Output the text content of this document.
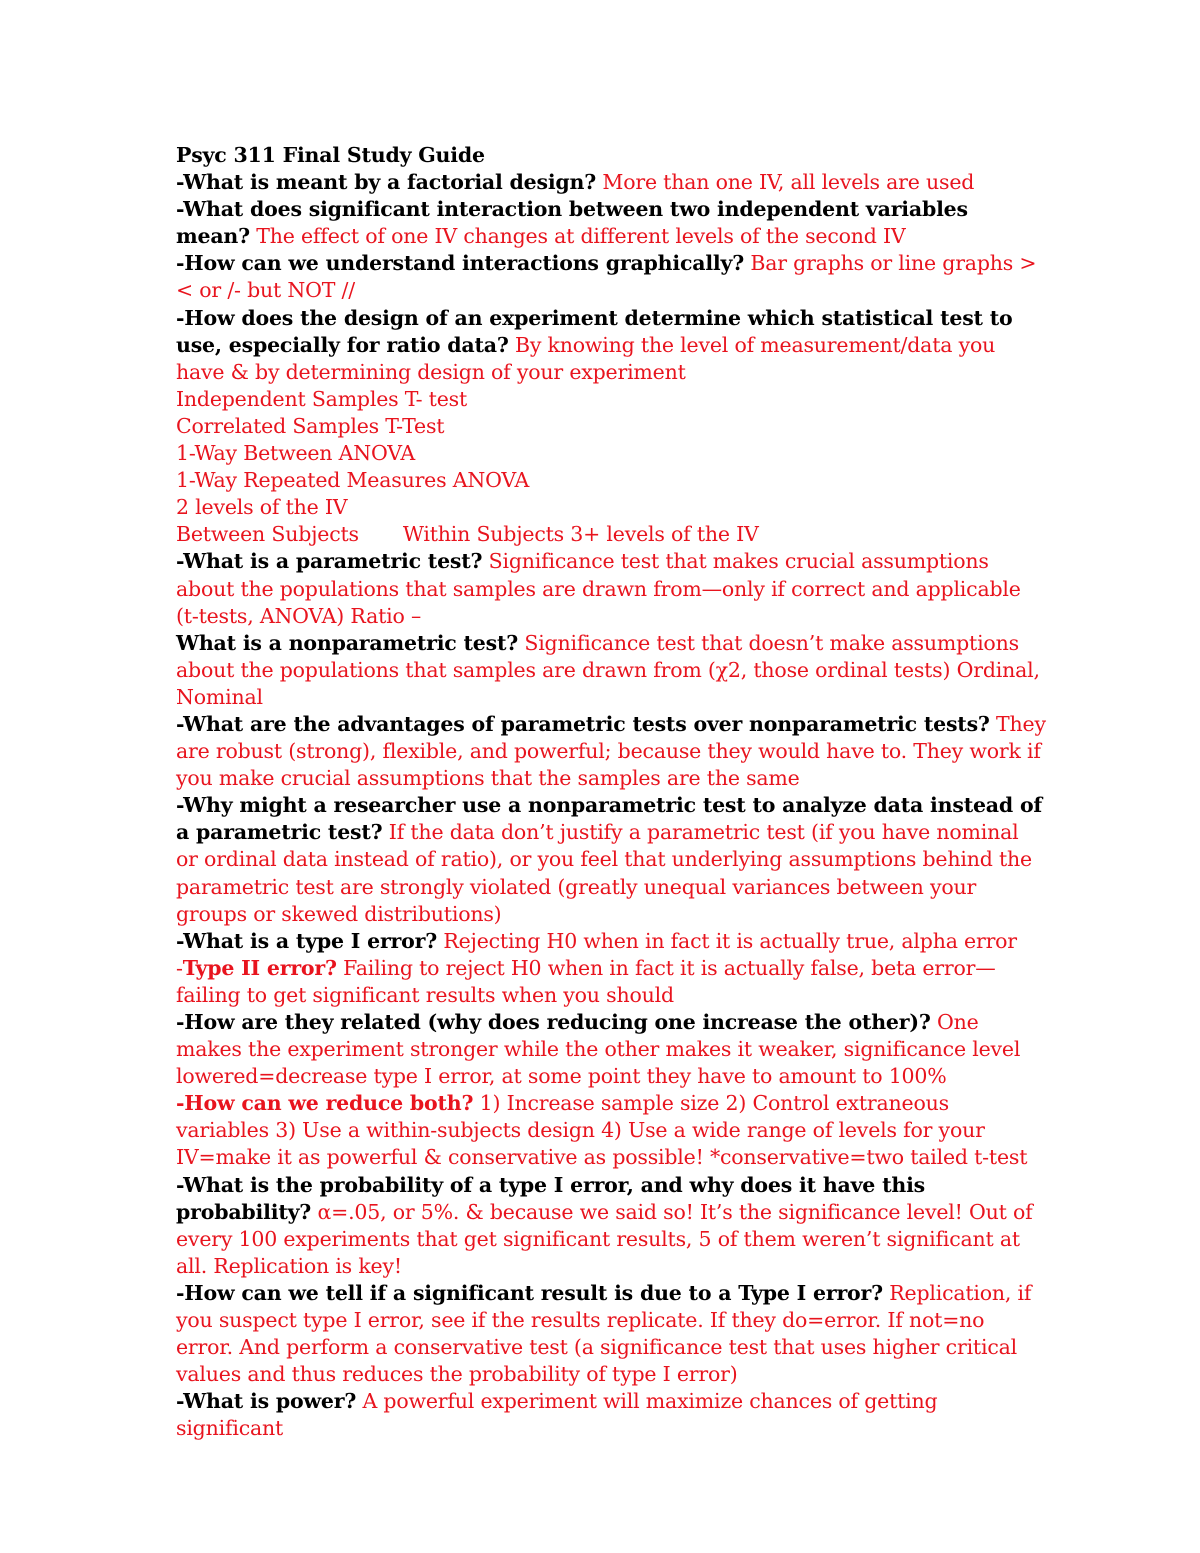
Psyc 311 Final Study Guide

-What is meant by a factorial design? More than one IV, all levels are used

-What does significant interaction between two independent variables mean? The effect of one IV changes at different levels of the second IV

-How can we understand interactions graphically? Bar graphs or line graphs >< or /- but NOT //

-How does the design of an experiment determine which statistical test to use, especially for ratio data? By knowing the level of measurement/data you have & by determining design of your experiment

Independent Samples T- test

Correlated Samples T-Test

1-Way Between ANOVA

1-Way Repeated Measures ANOVA

2 levels of the IV

Between Subjects Within Subjects 3+ levels of the IV

-What is a parametric test? Significance test that makes crucial assumptions about the populations that samples are drawn from—only if correct and applicable (t-tests, ANOVA) Ratio –

What is a nonparametric test? Significance test that doesn’t make assumptions about the populations that samples are drawn from (χ2, those ordinal tests) Ordinal, Nominal

-What are the advantages of parametric tests over nonparametric tests? They are robust (strong), flexible, and powerful; because they would have to. They work if you make crucial assumptions that the samples are the same

-Why might a researcher use a nonparametric test to analyze data instead of a parametric test? If the data don’t justify a parametric test (if you have nominal or ordinal data instead of ratio), or you feel that underlying assumptions behind the parametric test are strongly violated (greatly unequal variances between your groups or skewed distributions)

-What is a type I error? Rejecting H0 when in fact it is actually true, alpha error

-Type II error? Failing to reject H0 when in fact it is actually false, beta error—failing to get significant results when you should

-How are they related (why does reducing one increase the other)? One makes the experiment stronger while the other makes it weaker, significance level lowered=decrease type I error, at some point they have to amount to 100%

-How can we reduce both? 1) Increase sample size 2) Control extraneous variables 3) Use a within-subjects design 4) Use a wide range of levels for your IV=make it as powerful & conservative as possible! *conservative=two tailed t-test

-What is the probability of a type I error, and why does it have this probability? α=.05, or 5%. & because we said so! It’s the significance level! Out of every 100 experiments that get significant results, 5 of them weren’t significant at all. Replication is key!

-How can we tell if a significant result is due to a Type I error? Replication, if you suspect type I error, see if the results replicate. If they do=error. If not=no error. And perform a conservative test (a significance test that uses higher critical values and thus reduces the probability of type I error)

-What is power? A powerful experiment will maximize chances of getting significant
